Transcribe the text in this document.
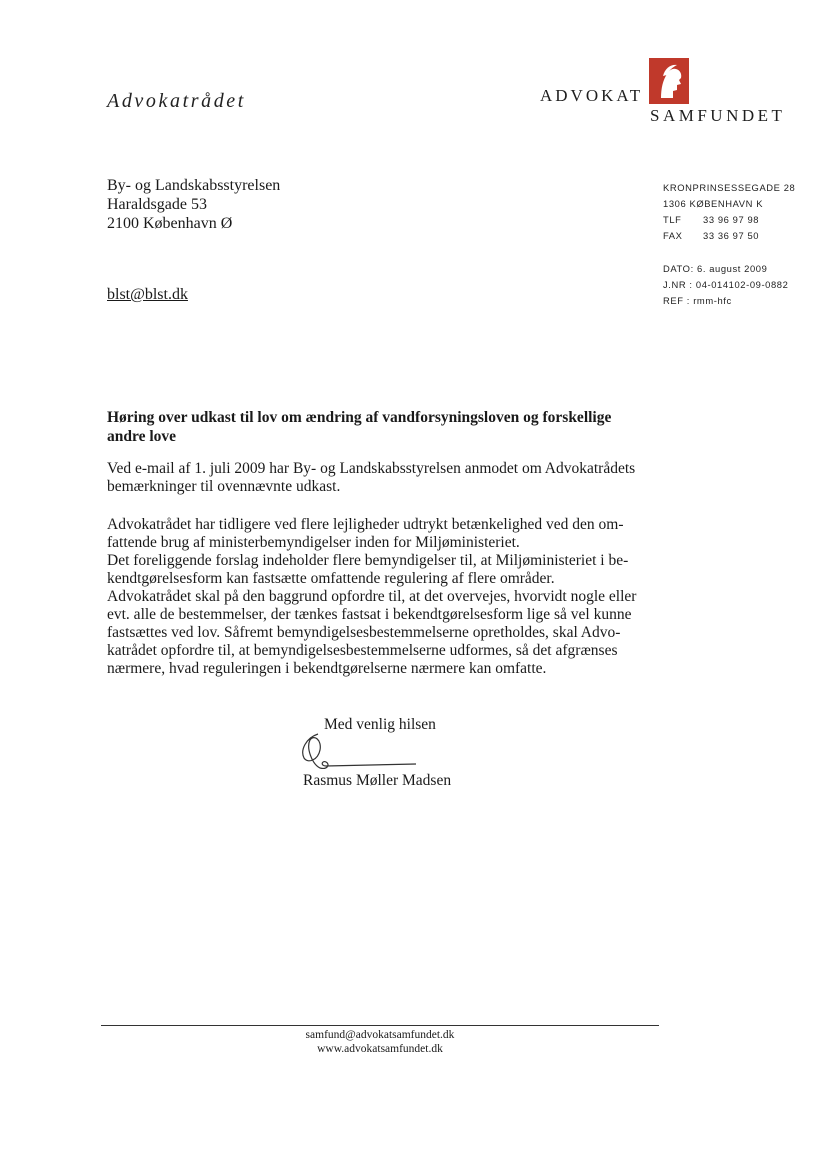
Advokatrådet	ADVOKAT
SAMFUNDET
By- og Landskabsstyrelsen
Haraldsgade 53
2100 København Ø
blst@blst.dk
KRONPRINSESSEGADE 28
1306 KØBENHAVN K
TLF 33 96 97 98
FAX 33 36 97 50
DATO: 6. august 2009
J.NR : 04-014102-09-0882
REF : rmm-hfc
Høring over udkast til lov om ændring af vandforsyningsloven og forskellige
andre love
Ved e-mail af 1. juli 2009 har By- og Landskabsstyrelsen anmodet om Advokatrådets
bemærkninger til ovennævnte udkast.
Advokatrådet har tidligere ved flere lejligheder udtrykt betænkelighed ved den om-
fattende brug af ministerbemyndigelser inden for Miljøministeriet.
Det foreliggende forslag indeholder flere bemyndigelser til, at Miljøministeriet i be-
kendtgørelsesform kan fastsætte omfattende regulering af flere områder.
Advokatrådet skal på den baggrund opfordre til, at det overvejes, hvorvidt nogle eller
evt. alle de bestemmelser, der tænkes fastsat i bekendtgørelsesform lige så vel kunne
fastsættes ved lov. Såfremt bemyndigelsesbestemmelserne opretholdes, skal Advo-
katrådet opfordre til, at bemyndigelsesbestemmelserne udformes, så det afgrænses
nærmere, hvad reguleringen i bekendtgørelserne nærmere kan omfatte.
Med venlig hilsen
Rasmus Møller Madsen
samfund@advokatsamfundet.dk
www.advokatsamfundet.dk
